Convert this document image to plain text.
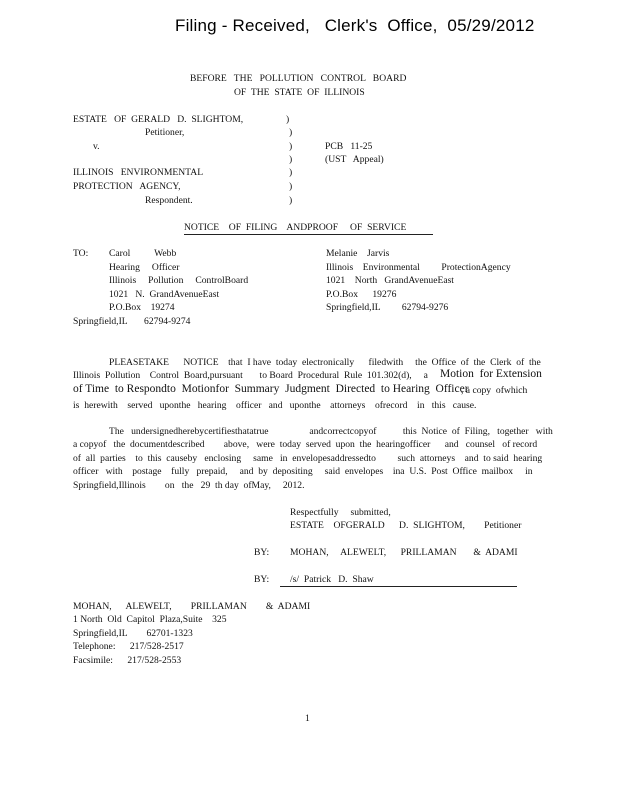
Filing - Received,   Clerk's  Office,  05/29/2012
BEFORE   THE   POLLUTION   CONTROL   BOARD
OF  THE  STATE  OF  ILLINOIS
ESTATE   OF  GERALD   D.  SLIGHTOM,
Petitioner,
v.
ILLINOIS   ENVIRONMENTAL
PROTECTION   AGENCY,
Respondent.
)
)
)
)
)
)
)
PCB   11-25
(UST   Appeal)
NOTICE    OF  FILING    ANDPROOF     OF  SERVICE
TO: Carol          Webb
Hearing     Officer
Illinois     Pollution     ControlBoard
1021   N.  GrandAvenueEast
P.O.Box    19274
Springfield,IL       62794-9274
Melanie    Jarvis
Illinois    Environmental         ProtectionAgency
1021    North   GrandAvenueEast
P.O.Box      19276
Springfield,IL         62794-9276
PLEASETAKE      NOTICE    that  I have  today  electronically      filedwith     the  Office  of  the  Clerk  of  the
Illinois  Pollution    Control  Board,pursuant       to Board  Procedural  Rule  101.302(d),     a Motion  for Extension
of Time  to Respondto  Motionfor  Summary  Judgment  Directed  to Hearing  Officer
, a copy  ofwhich
is  herewith    served   uponthe   hearing    officer   and   uponthe    attorneys    ofrecord    in   this   cause.
The   undersignedherebycertifiesthatatrue                 andcorrectcopyof           this  Notice  of  Filing,   together   with
a copyof   the  documentdescribed        above,   were  today  served  upon  the  hearingofficer      and   counsel   of record
of  all  parties    to  this  causeby   enclosing     same   in  envelopesaddressedto         such  attorneys    and  to said  hearing
officer   with    postage    fully   prepaid,     and  by  depositing     said  envelopes    ina  U.S.  Post  Office  mailbox     in
Springfield,Illinois        on   the   29  th day  ofMay,     2012.
Respectfully     submitted,
ESTATE    OFGERALD      D.  SLIGHTOM,        Petitioner
BY: MOHAN,     ALEWELT,      PRILLAMAN       &  ADAMI
BY: /s/  Patrick   D.  Shaw
MOHAN,      ALEWELT,        PRILLAMAN        &  ADAMI
1 North  Old  Capitol  Plaza,Suite    325
Springfield,IL        62701-1323
Telephone:      217/528-2517
Facsimile:      217/528-2553
1
